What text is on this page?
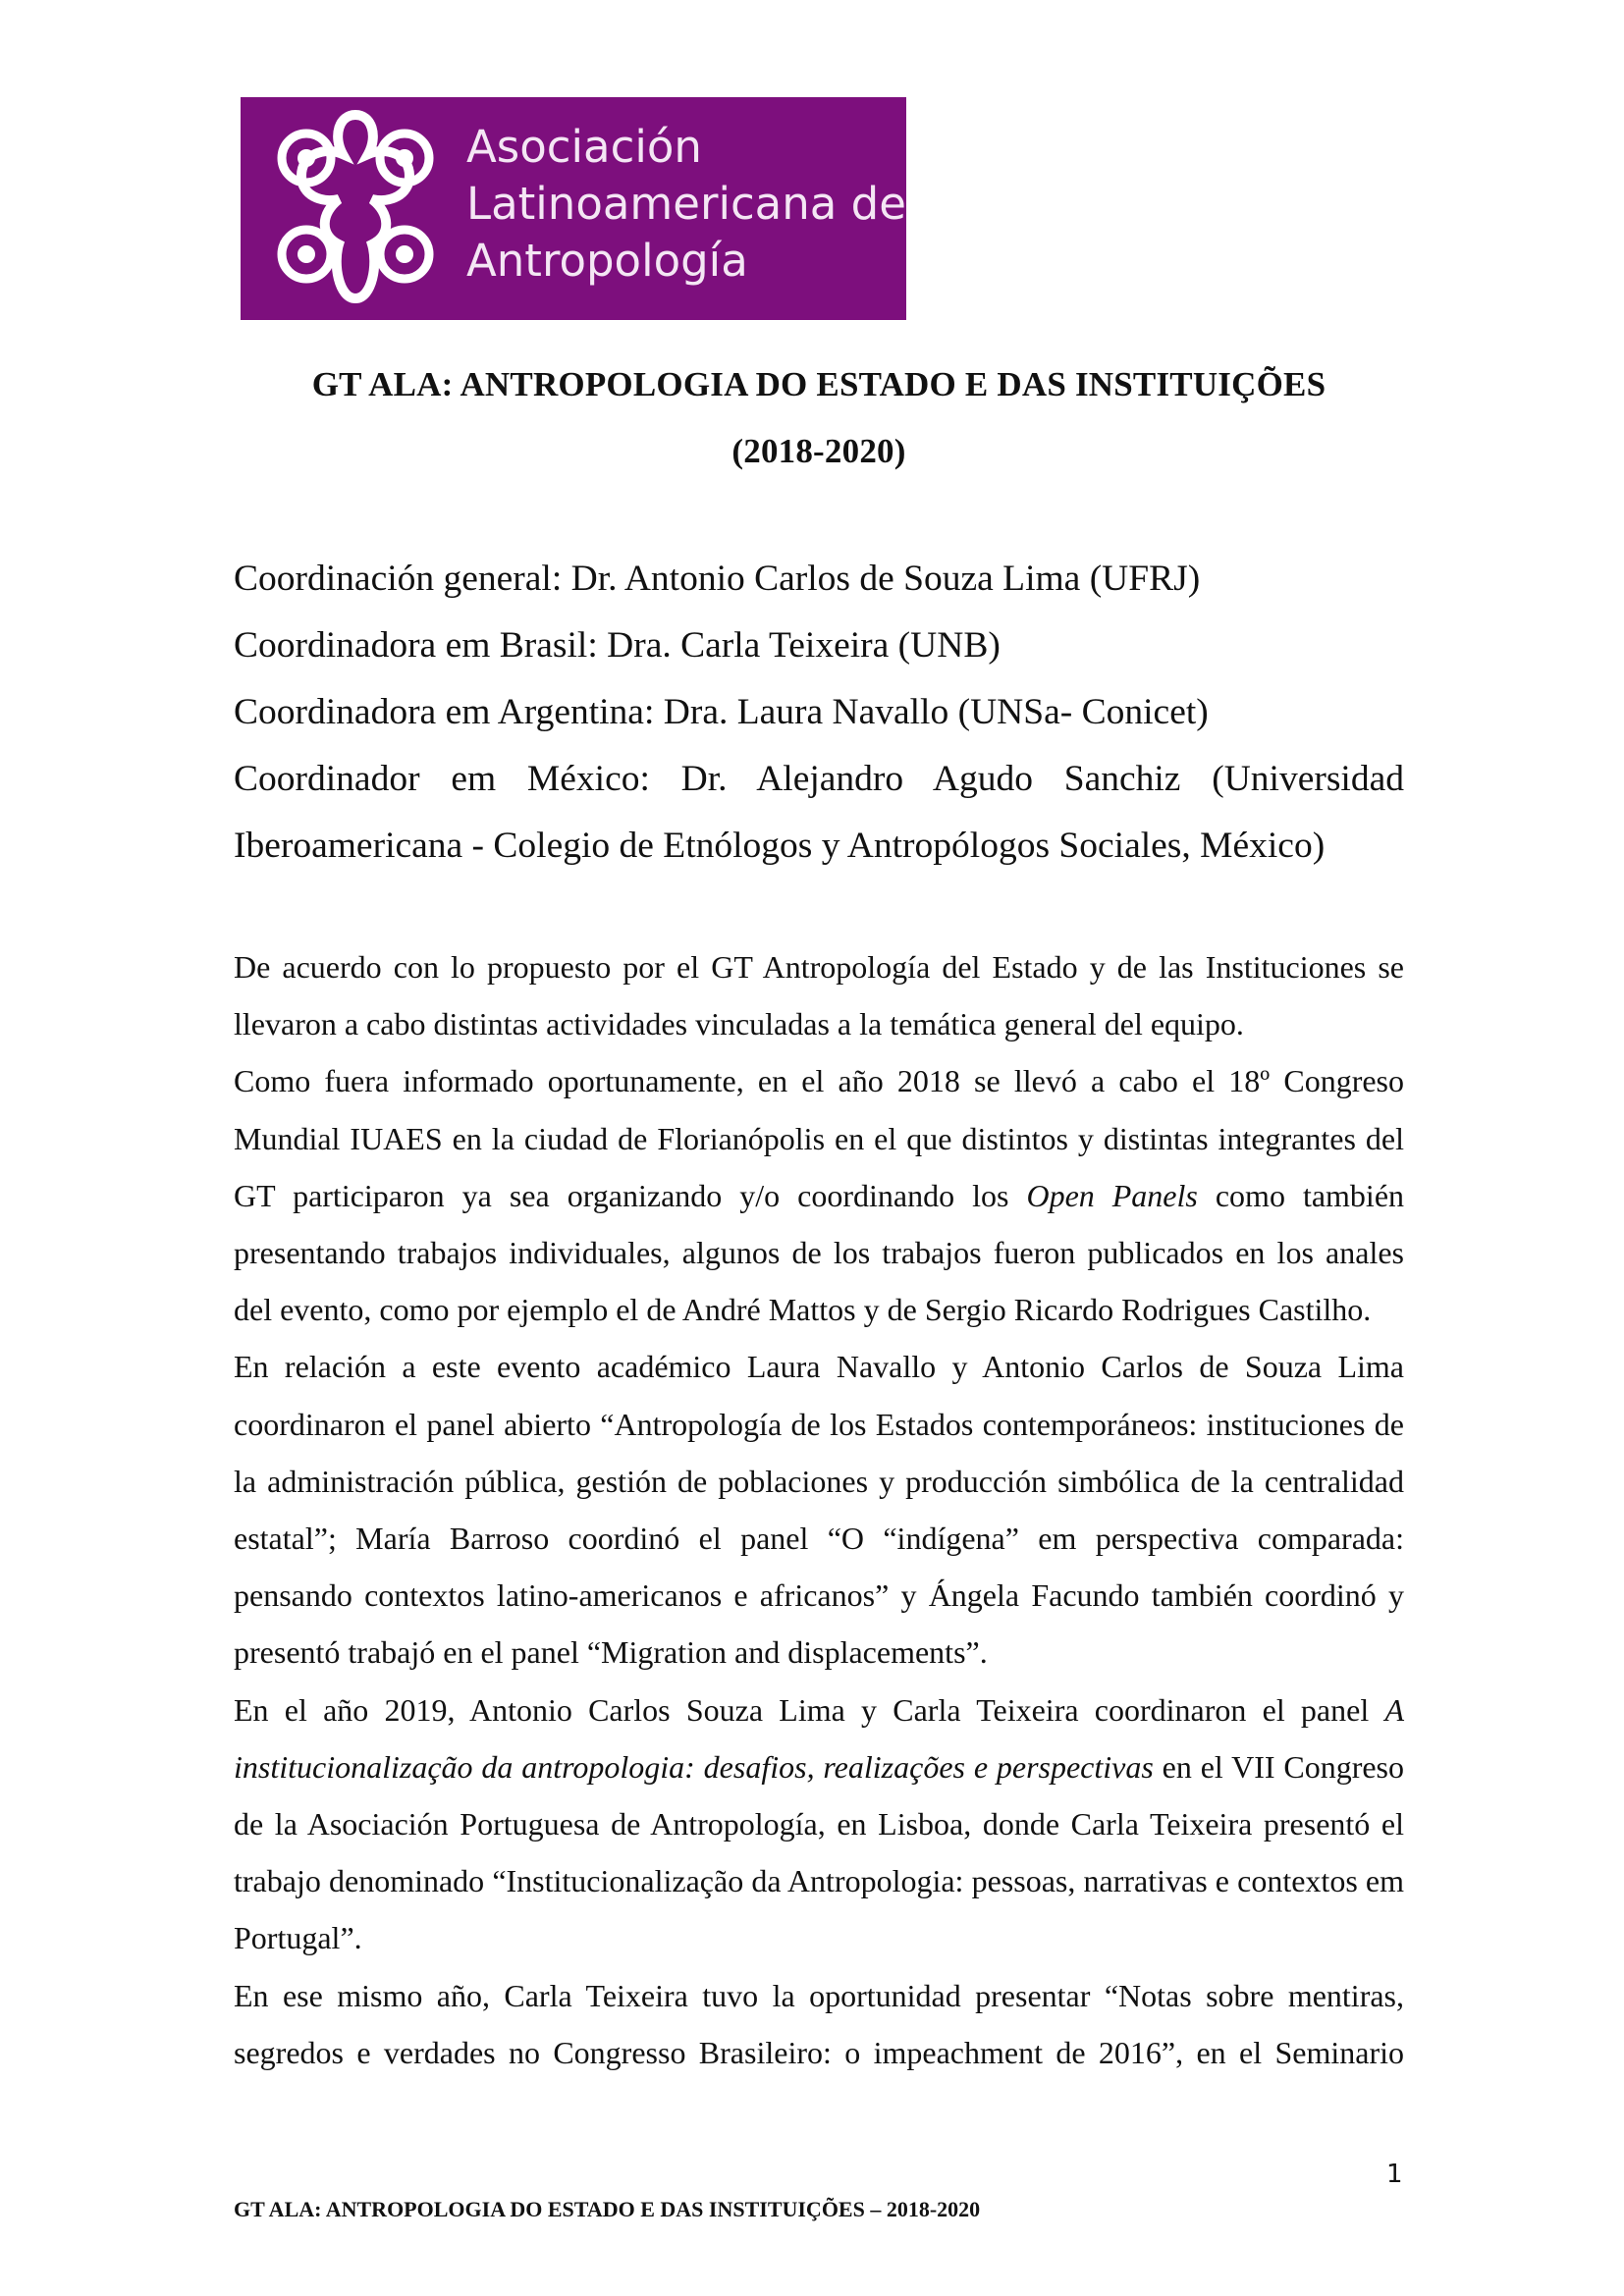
Asociación
Latinoamericana de
Antropología
GT ALA: ANTROPOLOGIA DO ESTADO E DAS INSTITUIÇÕES
(2018-2020)

Coordinación general: Dr. Antonio Carlos de Souza Lima (UFRJ)

Coordinadora em Brasil: Dra. Carla Teixeira (UNB)

Coordinadora em Argentina: Dra. Laura Navallo (UNSa- Conicet)

Coordinador em México: Dr. Alejandro Agudo Sanchiz (Universidad

Iberoamericana - Colegio de Etnólogos y Antropólogos Sociales, México)

De acuerdo con lo propuesto por el GT Antropología del Estado y de las Instituciones se llevaron a cabo distintas actividades vinculadas a la temática general del equipo.

Como fuera informado oportunamente, en el año 2018 se llevó a cabo el 18º Congreso Mundial IUAES en la ciudad de Florianópolis en el que distintos y distintas integrantes del GT participaron ya sea organizando y/o coordinando los Open Panels como también presentando trabajos individuales, algunos de los trabajos fueron publicados en los anales del evento, como por ejemplo el de André Mattos y de Sergio Ricardo Rodrigues Castilho.

En relación a este evento académico Laura Navallo y Antonio Carlos de Souza Lima coordinaron el panel abierto “Antropología de los Estados contemporáneos: instituciones de la administración pública, gestión de poblaciones y producción simbólica de la centralidad estatal”; María Barroso coordinó el panel “O “indígena” em perspectiva comparada: pensando contextos latino-americanos e africanos” y Ángela Facundo también coordinó y presentó trabajó en el panel “Migration and displacements”.

En el año 2019, Antonio Carlos Souza Lima y Carla Teixeira coordinaron el panel A institucionalização da antropologia: desafios, realizações e perspectivas en el VII Congreso de la Asociación Portuguesa de Antropología, en Lisboa, donde Carla Teixeira presentó el trabajo denominado “Institucionalização da Antropologia: pessoas, narrativas e contextos em Portugal”.

En ese mismo año, Carla Teixeira tuvo la oportunidad presentar “Notas sobre mentiras, segredos e verdades no Congresso Brasileiro: o impeachment de 2016”, en el Seminario

1
GT ALA: ANTROPOLOGIA DO ESTADO E DAS INSTITUIÇÕES – 2018-2020
